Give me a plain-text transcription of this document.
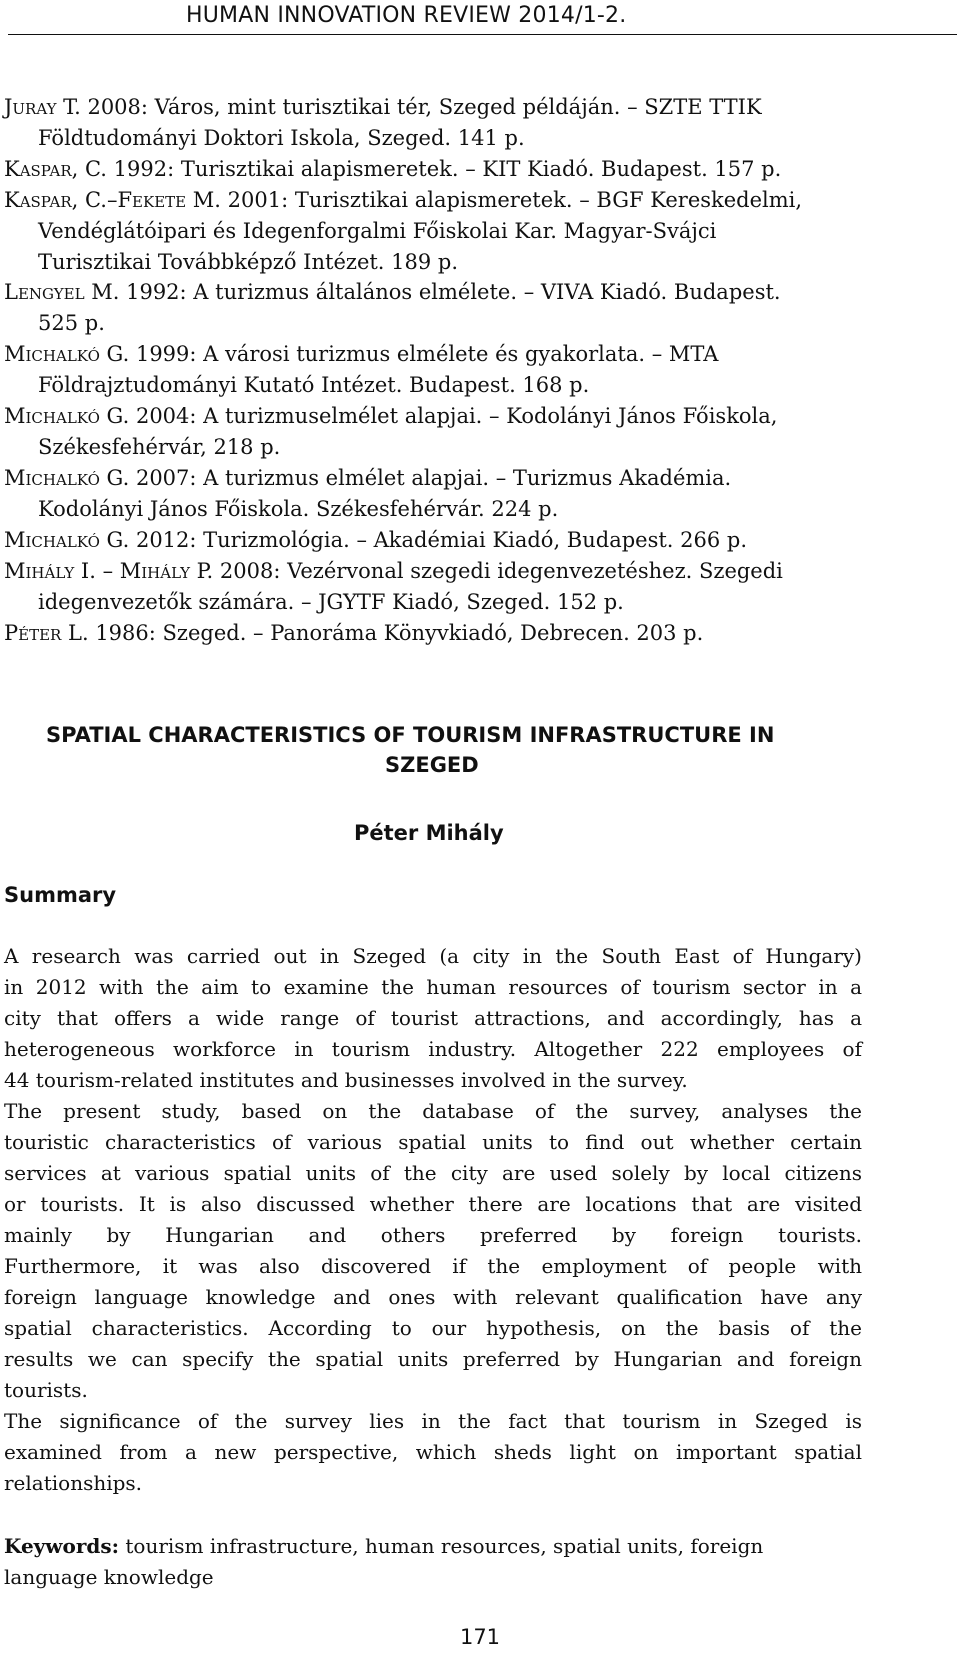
HUMAN INNOVATION REVIEW 2014/1-2.
Juray T. 2008: Város, mint turisztikai tér, Szeged példáján. – SZTE TTIK
Földtudományi Doktori Iskola, Szeged. 141 p.
Kaspar, C. 1992: Turisztikai alapismeretek. – KIT Kiadó. Budapest. 157 p.
Kaspar, C.–Fekete M. 2001: Turisztikai alapismeretek. – BGF Kereskedelmi,
Vendéglátóipari és Idegenforgalmi Főiskolai Kar. Magyar-Svájci
Turisztikai Továbbképző Intézet. 189 p.
Lengyel M. 1992: A turizmus általános elmélete. – VIVA Kiadó. Budapest.
525 p.
Michalkó G. 1999: A városi turizmus elmélete és gyakorlata. – MTA
Földrajztudományi Kutató Intézet. Budapest. 168 p.
Michalkó G. 2004: A turizmuselmélet alapjai. – Kodolányi János Főiskola,
Székesfehérvár, 218 p.
Michalkó G. 2007: A turizmus elmélet alapjai. – Turizmus Akadémia.
Kodolányi János Főiskola. Székesfehérvár. 224 p.
Michalkó G. 2012: Turizmológia. – Akadémiai Kiadó, Budapest. 266 p.
Mihály I. – Mihály P. 2008: Vezérvonal szegedi idegenvezetéshez. Szegedi
idegenvezetők számára. – JGYTF Kiadó, Szeged. 152 p.
Péter L. 1986: Szeged. – Panoráma Könyvkiadó, Debrecen. 203 p.
SPATIAL CHARACTERISTICS OF TOURISM INFRASTRUCTURE IN
SZEGED
Péter Mihály
Summary
A research was carried out in Szeged (a city in the South East of Hungary)
in 2012 with the aim to examine the human resources of tourism sector in a
city that offers a wide range of tourist attractions, and accordingly, has a
heterogeneous workforce in tourism industry. Altogether 222 employees of
44 tourism-related institutes and businesses involved in the survey.
The present study, based on the database of the survey, analyses the
touristic characteristics of various spatial units to find out whether certain
services at various spatial units of the city are used solely by local citizens
or tourists. It is also discussed whether there are locations that are visited
mainly by Hungarian and others preferred by foreign tourists.
Furthermore, it was also discovered if the employment of people with
foreign language knowledge and ones with relevant qualification have any
spatial characteristics. According to our hypothesis, on the basis of the
results we can specify the spatial units preferred by Hungarian and foreign
tourists.
The significance of the survey lies in the fact that tourism in Szeged is
examined from a new perspective, which sheds light on important spatial
relationships.
Keywords: tourism infrastructure, human resources, spatial units, foreign
language knowledge
171
